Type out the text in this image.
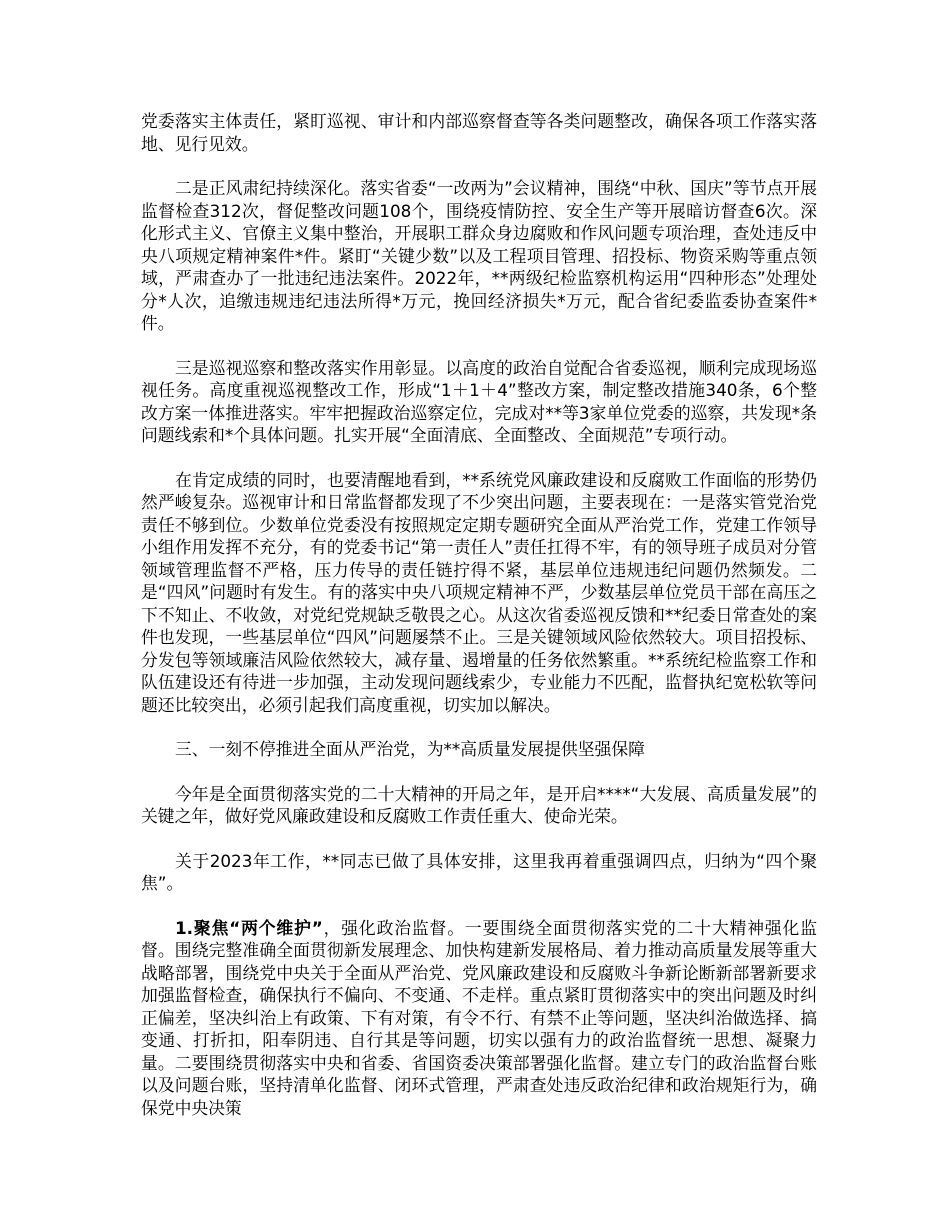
党委落实主体责任，紧盯巡视、审计和内部巡察督查等各类问题整改，确保各项工作落实落地、见行见效。

二是正风肃纪持续深化。落实省委“一改两为”会议精神，围绕“中秋、国庆”等节点开展监督检查312次，督促整改问题108个，围绕疫情防控、安全生产等开展暗访督查6次。深化形式主义、官僚主义集中整治，开展职工群众身边腐败和作风问题专项治理，查处违反中央八项规定精神案件*件。紧盯“关键少数”以及工程项目管理、招投标、物资采购等重点领域，严肃查办了一批违纪违法案件。2022年，**两级纪检监察机构运用“四种形态”处理处分*人次，追缴违规违纪违法所得*万元，挽回经济损失*万元，配合省纪委监委协查案件*件。

三是巡视巡察和整改落实作用彰显。以高度的政治自觉配合省委巡视，顺利完成现场巡视任务。高度重视巡视整改工作，形成“1＋1＋4”整改方案，制定整改措施340条，6个整改方案一体推进落实。牢牢把握政治巡察定位，完成对**等3家单位党委的巡察，共发现*条问题线索和*个具体问题。扎实开展“全面清底、全面整改、全面规范”专项行动。

在肯定成绩的同时，也要清醒地看到，**系统党风廉政建设和反腐败工作面临的形势仍然严峻复杂。巡视审计和日常监督都发现了不少突出问题，主要表现在：一是落实管党治党责任不够到位。少数单位党委没有按照规定定期专题研究全面从严治党工作，党建工作领导小组作用发挥不充分，有的党委书记“第一责任人”责任扛得不牢，有的领导班子成员对分管领域管理监督不严格，压力传导的责任链拧得不紧，基层单位违规违纪问题仍然频发。二是“四风”问题时有发生。有的落实中央八项规定精神不严，少数基层单位党员干部在高压之下不知止、不收敛，对党纪党规缺乏敬畏之心。从这次省委巡视反馈和**纪委日常查处的案件也发现，一些基层单位“四风”问题屡禁不止。三是关键领域风险依然较大。项目招投标、分发包等领域廉洁风险依然较大，减存量、遏增量的任务依然繁重。**系统纪检监察工作和队伍建设还有待进一步加强，主动发现问题线索少，专业能力不匹配，监督执纪宽松软等问题还比较突出，必须引起我们高度重视，切实加以解决。

三、一刻不停推进全面从严治党，为**高质量发展提供坚强保障

今年是全面贯彻落实党的二十大精神的开局之年，是开启****“大发展、高质量发展”的关键之年，做好党风廉政建设和反腐败工作责任重大、使命光荣。

关于2023年工作，**同志已做了具体安排，这里我再着重强调四点，归纳为“四个聚焦”。

1.聚焦“两个维护”，强化政治监督。一要围绕全面贯彻落实党的二十大精神强化监督。围绕完整准确全面贯彻新发展理念、加快构建新发展格局、着力推动高质量发展等重大战略部署，围绕党中央关于全面从严治党、党风廉政建设和反腐败斗争新论断新部署新要求加强监督检查，确保执行不偏向、不变通、不走样。重点紧盯贯彻落实中的突出问题及时纠正偏差，坚决纠治上有政策、下有对策，有令不行、有禁不止等问题，坚决纠治做选择、搞变通、打折扣，阳奉阴违、自行其是等问题，切实以强有力的政治监督统一思想、凝聚力量。二要围绕贯彻落实中央和省委、省国资委决策部署强化监督。建立专门的政治监督台账以及问题台账，坚持清单化监督、闭环式管理，严肃查处违反政治纪律和政治规矩行为，确保党中央决策
